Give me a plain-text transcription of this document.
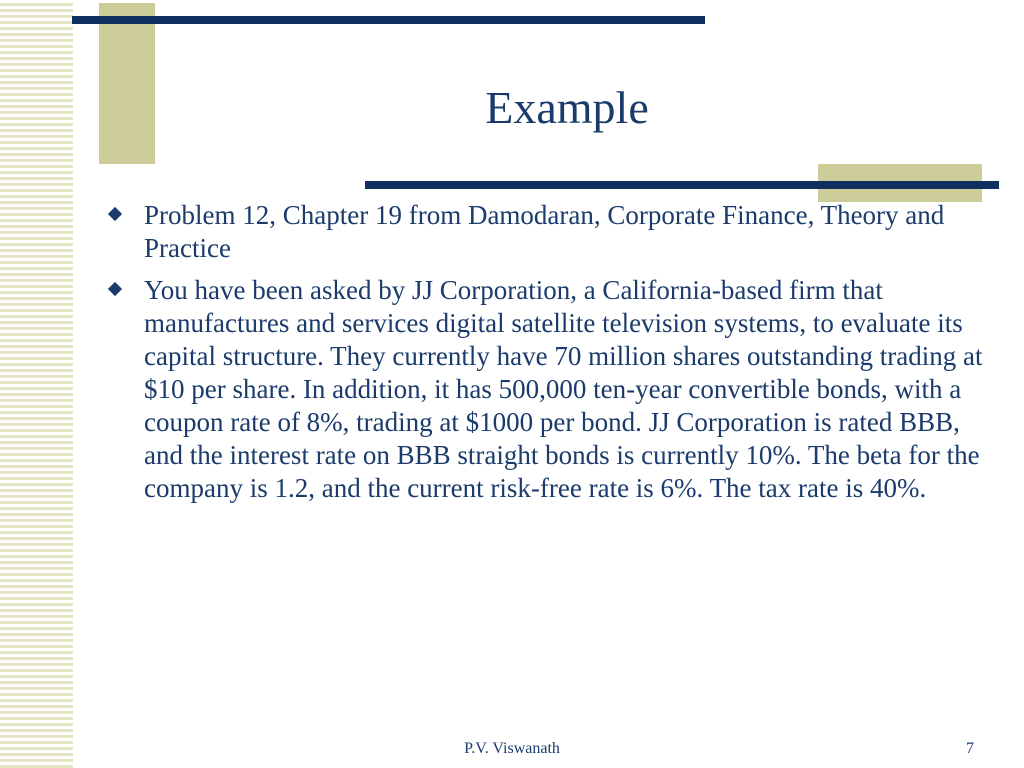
Example
Problem 12, Chapter 19 from Damodaran, Corporate Finance, Theory and Practice
You have been asked by JJ Corporation, a California-based firm that manufactures and services digital satellite television systems, to evaluate its capital structure. They currently have 70 million shares outstanding trading at $10 per share. In addition, it has 500,000 ten-year convertible bonds, with a coupon rate of 8%, trading at $1000 per bond. JJ Corporation is rated BBB, and the interest rate on BBB straight bonds is currently 10%. The beta for the company is 1.2, and the current risk-free rate is 6%. The tax rate is 40%.
P.V. Viswanath	7
